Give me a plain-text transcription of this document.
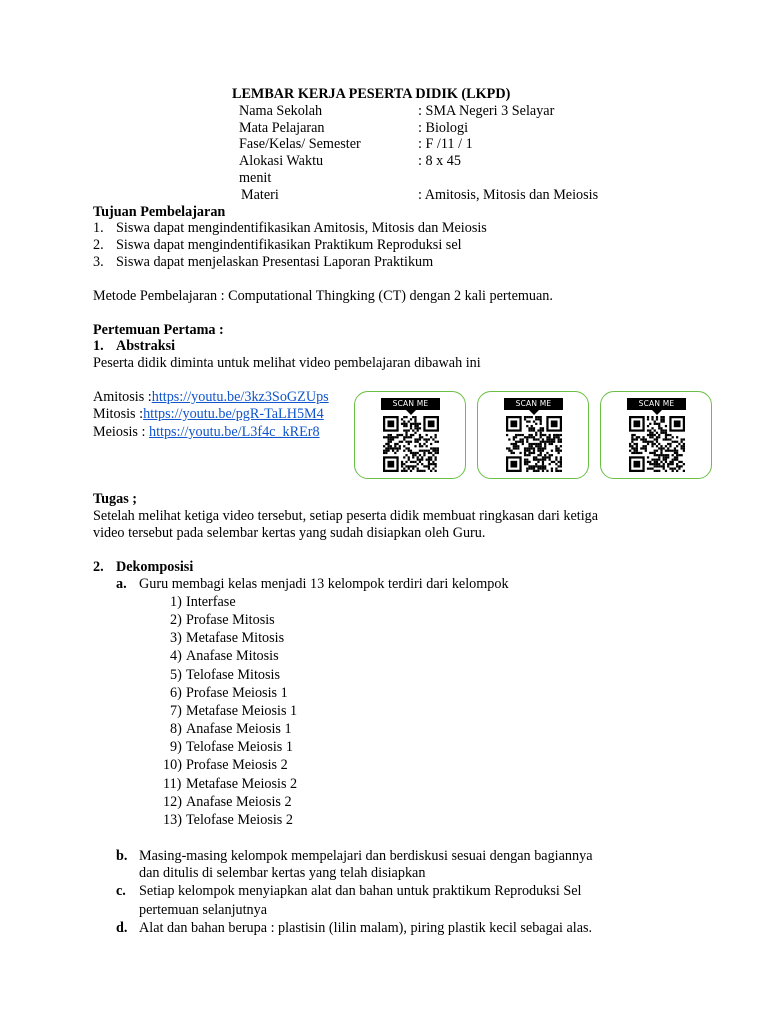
LEMBAR KERJA PESERTA DIDIK (LKPD)
Nama Sekolah	: SMA Negeri 3 Selayar
Mata Pelajaran	: Biologi
Fase/Kelas/ Semester	: F /11 / 1
Alokasi Waktu	: 8 x 45
menit
Materi	: Amitosis, Mitosis dan Meiosis
Tujuan Pembelajaran
1. Siswa dapat mengindentifikasikan Amitosis, Mitosis dan Meiosis
2. Siswa dapat mengindentifikasikan Praktikum Reproduksi sel
3. Siswa dapat menjelaskan Presentasi Laporan Praktikum
Metode Pembelajaran : Computational Thingking (CT) dengan 2 kali pertemuan.
Pertemuan Pertama :
1. Abstraksi
Peserta didik diminta untuk melihat video pembelajaran dibawah ini
Amitosis :https://youtu.be/3kz3SoGZUps
Mitosis :https://youtu.be/pgR-TaLH5M4
Meiosis : https://youtu.be/L3f4c_kREr8
SCAN ME	SCAN ME	SCAN ME
Tugas ;
Setelah melihat ketiga video tersebut, setiap peserta didik membuat ringkasan dari ketiga
video tersebut pada selembar kertas yang sudah disiapkan oleh Guru.
2. Dekomposisi
a. Guru membagi kelas menjadi 13 kelompok terdiri dari kelompok
1) Interfase
2) Profase Mitosis
3) Metafase Mitosis
4) Anafase Mitosis
5) Telofase Mitosis
6) Profase Meiosis 1
7) Metafase Meiosis 1
8) Anafase Meiosis 1
9) Telofase Meiosis 1
10) Profase Meiosis 2
11) Metafase Meiosis 2
12) Anafase Meiosis 2
13) Telofase Meiosis 2
b. Masing-masing kelompok mempelajari dan berdiskusi sesuai dengan bagiannya
dan ditulis di selembar kertas yang telah disiapkan
c. Setiap kelompok menyiapkan alat dan bahan untuk praktikum Reproduksi Sel
pertemuan selanjutnya
d. Alat dan bahan berupa : plastisin (lilin malam), piring plastik kecil sebagai alas.
